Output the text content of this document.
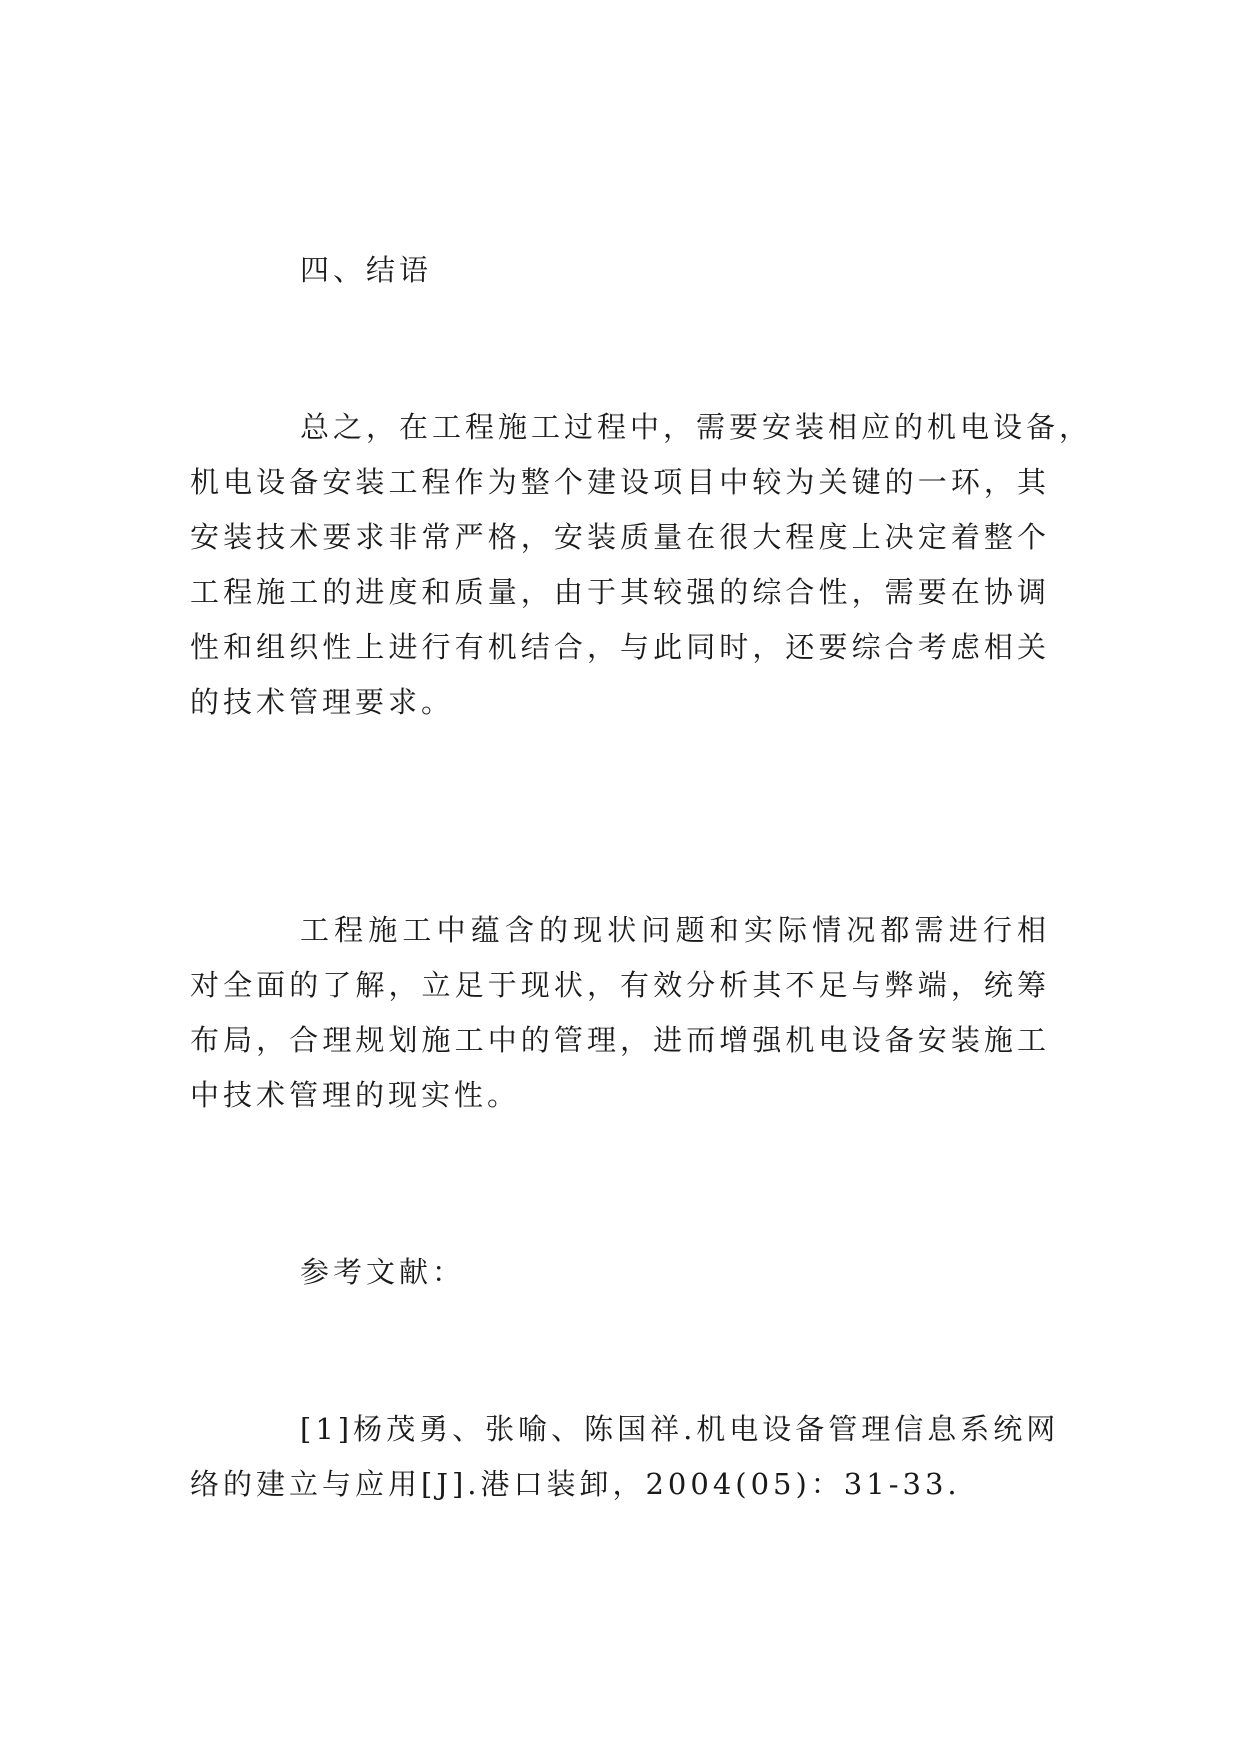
四、结语
总之，在工程施工过程中，需要安装相应的机电设备，
机电设备安装工程作为整个建设项目中较为关键的一环，其
安装技术要求非常严格，安装质量在很大程度上决定着整个
工程施工的进度和质量，由于其较强的综合性，需要在协调
性和组织性上进行有机结合，与此同时，还要综合考虑相关
的技术管理要求。
工程施工中蕴含的现状问题和实际情况都需进行相
对全面的了解，立足于现状，有效分析其不足与弊端，统筹
布局，合理规划施工中的管理，进而增强机电设备安装施工
中技术管理的现实性。
参考文献：
[1]杨茂勇、张喻、陈国祥.机电设备管理信息系统网
络的建立与应用[J].港口装卸，2004(05)：31-33.
